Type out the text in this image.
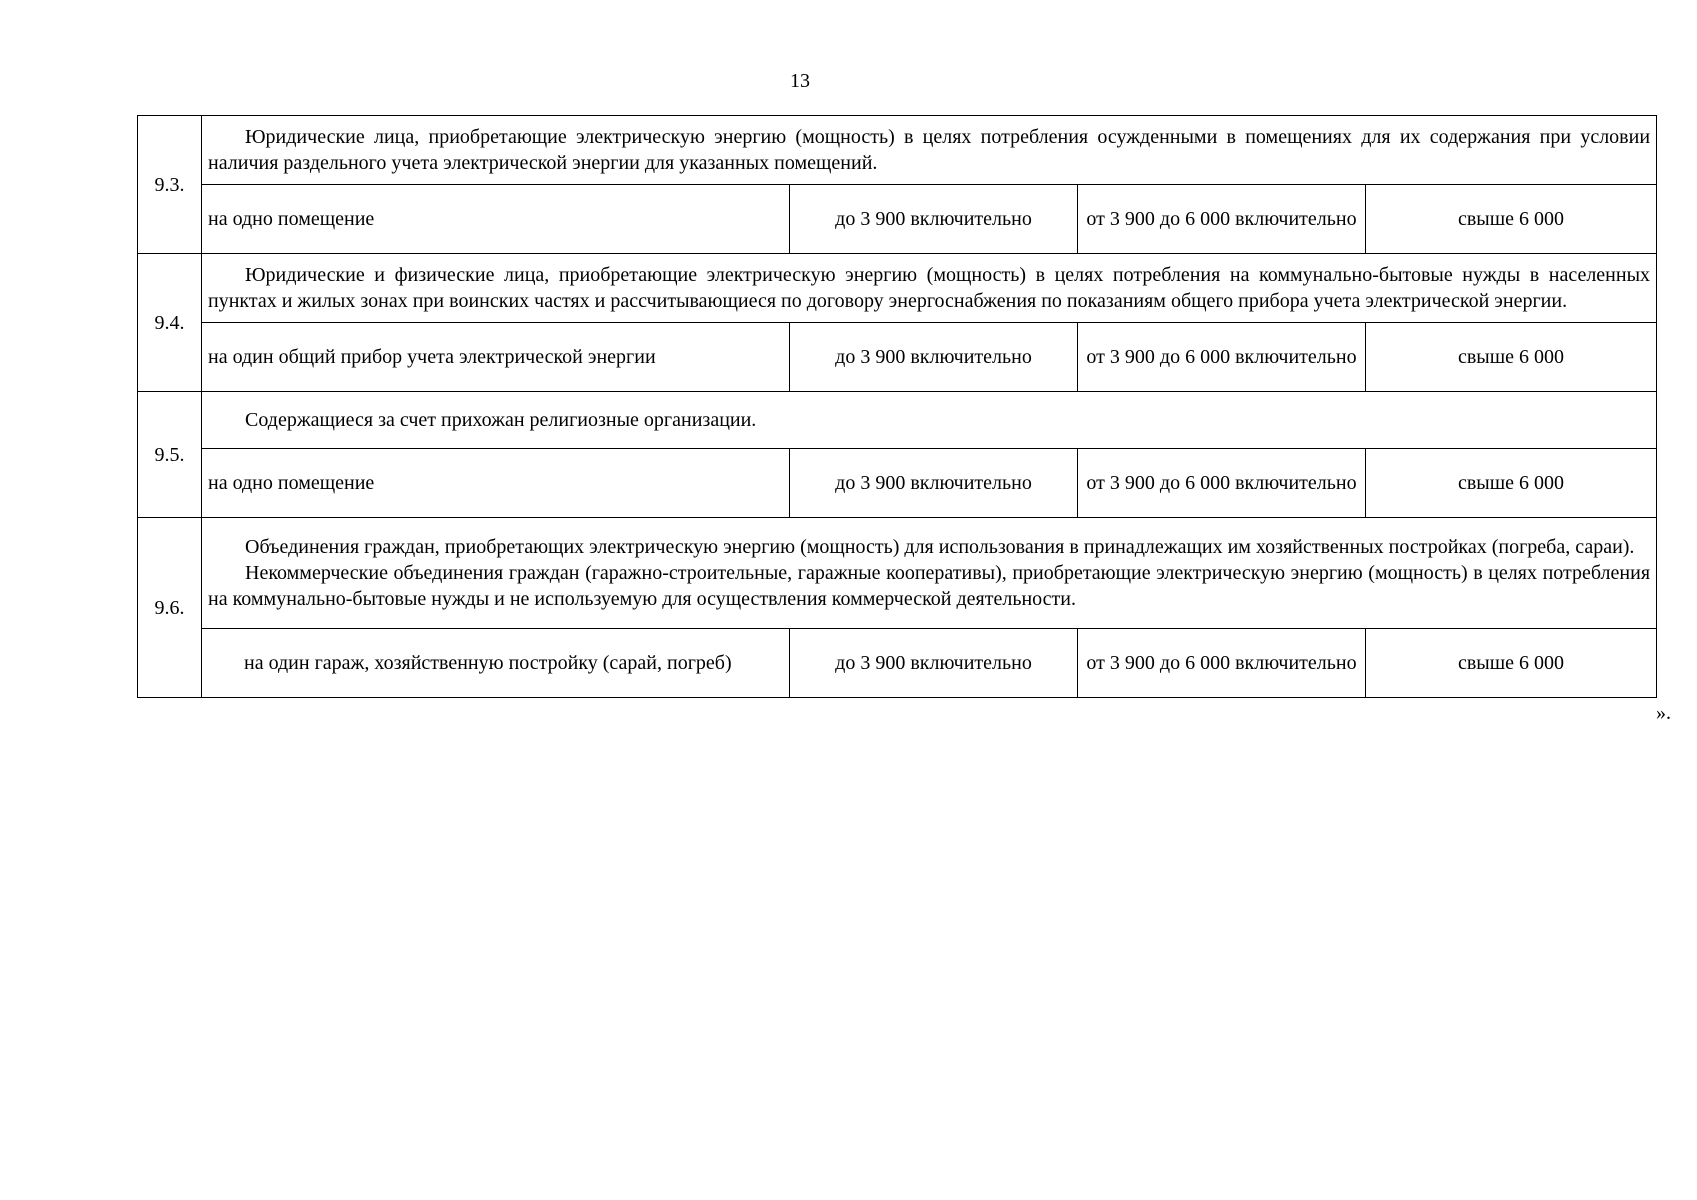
13
9.3.	Юридические лица, приобретающие электрическую энергию (мощность) в целях потребления осужденными в помещениях для их содержания при условии наличия раздельного учета электрической энергии для указанных помещений.			

	на одно помещение	до 3 900 включительно	от 3 900 до 6 000 включительно	свыше 6 000
9.4.	Юридические и физические лица, приобретающие электрическую энергию (мощность) в целях потребления на коммунально-бытовые нужды в населенных пунктах и жилых зонах при воинских частях и рассчитывающиеся по договору энергоснабжения по показаниям общего прибора учета электрической энергии.			

	на один общий прибор учета электрической энергии	до 3 900 включительно	от 3 900 до 6 000 включительно	свыше 6 000
9.5.	Содержащиеся за счет прихожан религиозные организации.			

	на одно помещение	до 3 900 включительно	от 3 900 до 6 000 включительно	свыше 6 000
9.6.	Объединения граждан, приобретающих электрическую энергию (мощность) для использования в принадлежащих им хозяйственных постройках (погреба, сараи).

Некоммерческие объединения граждан (гаражно-строительные, гаражные кооперативы), приобретающие электрическую энергию (мощность) в целях потребления на коммунально-бытовые нужды и не используемую для осуществления коммерческой деятельности.			

	на один гараж, хозяйственную постройку (сарай, погреб)	до 3 900 включительно	от 3 900 до 6 000 включительно	свыше 6 000
».
